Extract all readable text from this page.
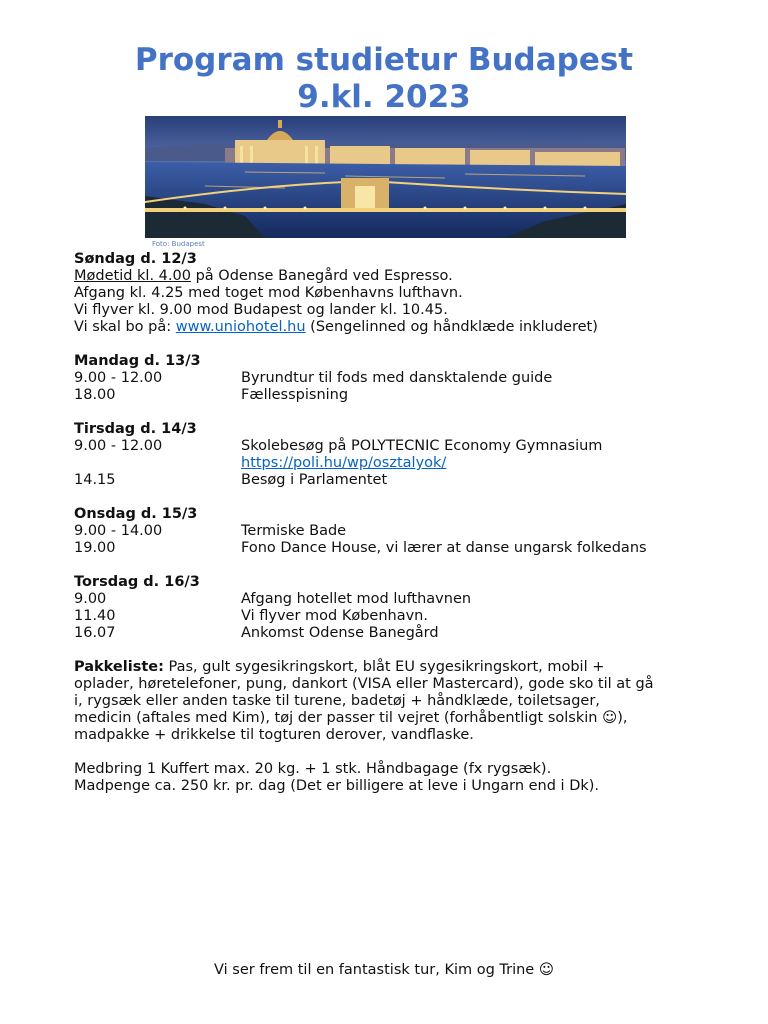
Program studietur Budapest
9.kl. 2023
Foto: Budapest
Søndag d. 12/3
Mødetid kl. 4.00 på Odense Banegård ved Espresso.
Afgang kl. 4.25 med toget mod Københavns lufthavn.
Vi flyver kl. 9.00 mod Budapest og lander kl. 10.45.
Vi skal bo på: www.uniohotel.hu (Sengelinned og håndklæde inkluderet)
Mandag d. 13/3
9.00 - 12.00	Byrundtur til fods med dansktalende guide
18.00	Fællesspisning
Tirsdag d. 14/3
9.00 - 12.00	Skolebesøg på POLYTECNIC Economy Gymnasium
https://poli.hu/wp/osztalyok/
14.15	Besøg i Parlamentet
Onsdag d. 15/3
9.00 - 14.00	Termiske Bade
19.00	Fono Dance House, vi lærer at danse ungarsk folkedans
Torsdag d. 16/3
9.00	Afgang hotellet mod lufthavnen
11.40	Vi flyver mod København.
16.07	Ankomst Odense Banegård
Pakkeliste: Pas, gult sygesikringskort, blåt EU sygesikringskort, mobil +
oplader, høretelefoner, pung, dankort (VISA eller Mastercard), gode sko til at gå
i, rygsæk eller anden taske til turene, badetøj + håndklæde, toiletsager,
medicin (aftales med Kim), tøj der passer til vejret (forhåbentligt solskin ☺),
madpakke + drikkelse til togturen derover, vandflaske.
Medbring 1 Kuffert max. 20 kg. + 1 stk. Håndbagage (fx rygsæk).
Madpenge ca. 250 kr. pr. dag (Det er billigere at leve i Ungarn end i Dk).
Vi ser frem til en fantastisk tur, Kim og Trine ☺
